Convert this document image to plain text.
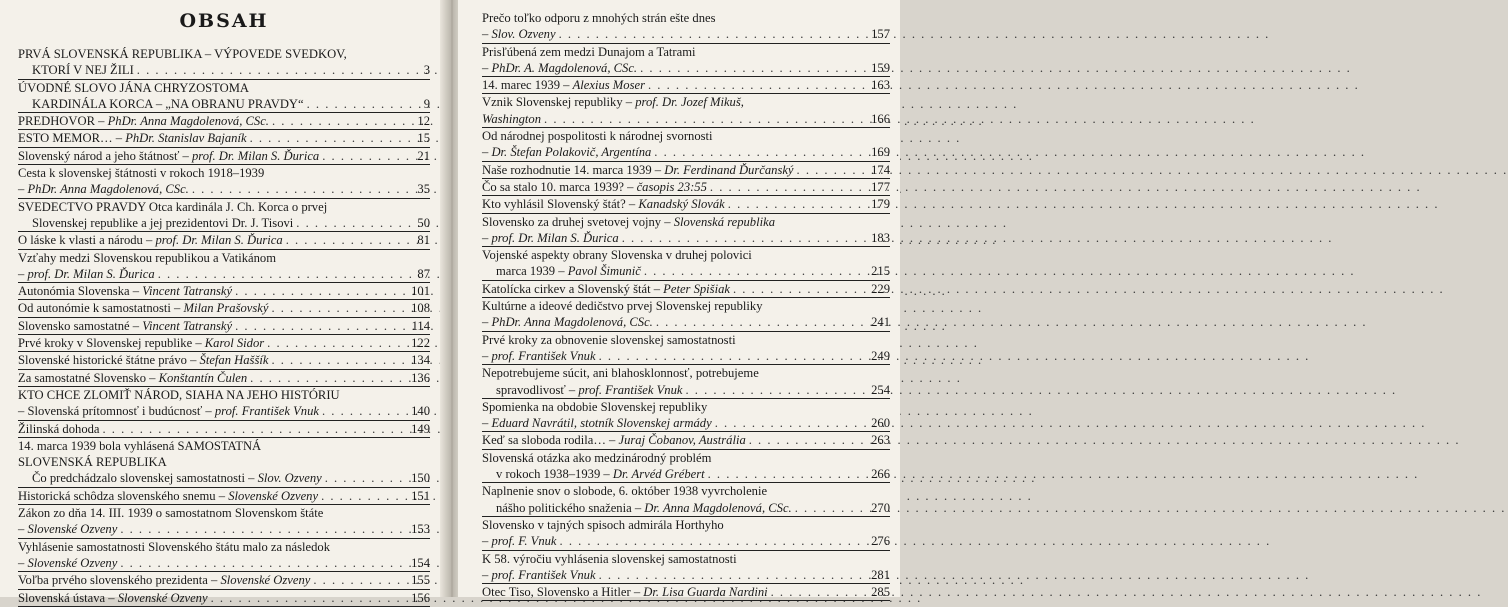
OBSAH
PRVÁ SLOVENSKÁ REPUBLIKA – VÝPOVEDE SVEDKOV,
KTORÍ V NEJ ŽILI . . .	3
ÚVODNÉ SLOVO JÁNA CHRYZOSTOMA
KARDINÁLA KORCA – „NA OBRANU PRAVDY“ . . .	9
PREDHOVOR – PhDr. Anna Magdolenová, CSc. . . .	12
ESTO MEMOR… – PhDr. Stanislav Bajaník . . .	15
Slovenský národ a jeho štátnosť – prof. Dr. Milan S. Ďurica . . .	21
Cesta k slovenskej štátnosti v rokoch 1918–1939
– PhDr. Anna Magdolenová, CSc. . . .	35
SVEDECTVO PRAVDY Otca kardinála J. Ch. Korca o prvej
Slovenskej republike a jej prezidentovi Dr. J. Tisovi . . .	50
O láske k vlasti a národu – prof. Dr. Milan S. Ďurica . . .	81
Vzťahy medzi Slovenskou republikou a Vatikánom
– prof. Dr. Milan S. Ďurica . . .	87
Autonómia Slovenska – Vincent Tatranský . . .	101
Od autonómie k samostatnosti – Milan Prašovský . . .	108
Slovensko samostatné – Vincent Tatranský . . .	114
Prvé kroky v Slovenskej republike – Karol Sidor . . .	122
Slovenské historické štátne právo – Štefan Haššík . . .	134
Za samostatné Slovensko – Konštantín Čulen . . .	136
KTO CHCE ZLOMIŤ NÁROD, SIAHA NA JEHO HISTÓRIU
– Slovenská prítomnosť i budúcnosť – prof. František Vnuk . . .	140
Žilinská dohoda . . .	149
14. marca 1939 bola vyhlásená SAMOSTATNÁ
SLOVENSKÁ REPUBLIKA
Čo predchádzalo slovenskej samostatnosti – Slov. Ozveny . . .	150
Historická schôdza slovenského snemu – Slovenské Ozveny . . .	151
Zákon zo dňa 14. III. 1939 o samostatnom Slovenskom štáte
– Slovenské Ozveny . . .	153
Vyhlásenie samostatnosti Slovenského štátu malo za následok
– Slovenské Ozveny . . .	154
Voľba prvého slovenského prezidenta – Slovenské Ozveny . . .	155
Slovenská ústava – Slovenské Ozveny . . .	156
Prečo toľko odporu z mnohých strán ešte dnes
– Slov. Ozveny . . .	157
Prisľúbená zem medzi Dunajom a Tatrami
– PhDr. A. Magdolenová, CSc. . . .	159
14. marec 1939 – Alexius Moser . . .	163
Vznik Slovenskej republiky – prof. Dr. Jozef Mikuš,
Washington . . .	166
Od národnej pospolitosti k národnej svornosti
– Dr. Štefan Polakovič, Argentína . . .	169
Naše rozhodnutie 14. marca 1939 – Dr. Ferdinand Ďurčanský . . .	174
Čo sa stalo 10. marca 1939? – časopis 23:55 . . .	177
Kto vyhlásil Slovenský štát? – Kanadský Slovák . . .	179
Slovensko za druhej svetovej vojny – Slovenská republika
– prof. Dr. Milan S. Ďurica . . .	183
Vojenské aspekty obrany Slovenska v druhej polovici
marca 1939 – Pavol Šimunič . . .	215
Katolícka cirkev a Slovenský štát – Peter Spišiak . . .	229
Kultúrne a ideové dedičstvo prvej Slovenskej republiky
– PhDr. Anna Magdolenová, CSc. . . .	241
Prvé kroky za obnovenie slovenskej samostatnosti
– prof. František Vnuk . . .	249
Nepotrebujeme súcit, ani blahosklonnosť, potrebujeme
spravodlivosť – prof. František Vnuk . . .	254
Spomienka na obdobie Slovenskej republiky
– Eduard Navrátil, stotník Slovenskej armády . . .	260
Keď sa sloboda rodila… – Juraj Čobanov, Austrália . . .	263
Slovenská otázka ako medzinárodný problém
v rokoch 1938–1939 – Dr. Arvéd Grébert . . .	266
Naplnenie snov o slobode, 6. október 1938 vyvrcholenie
nášho politického snaženia – Dr. Anna Magdolenová, CSc. . . .	270
Slovensko v tajných spisoch admirála Horthyho
– prof. F. Vnuk . . .	276
K 58. výročiu vyhlásenia slovenskej samostatnosti
– prof. František Vnuk . . .	281
Otec Tiso, Slovensko a Hitler – Dr. Lisa Guarda Nardini . . .	285
